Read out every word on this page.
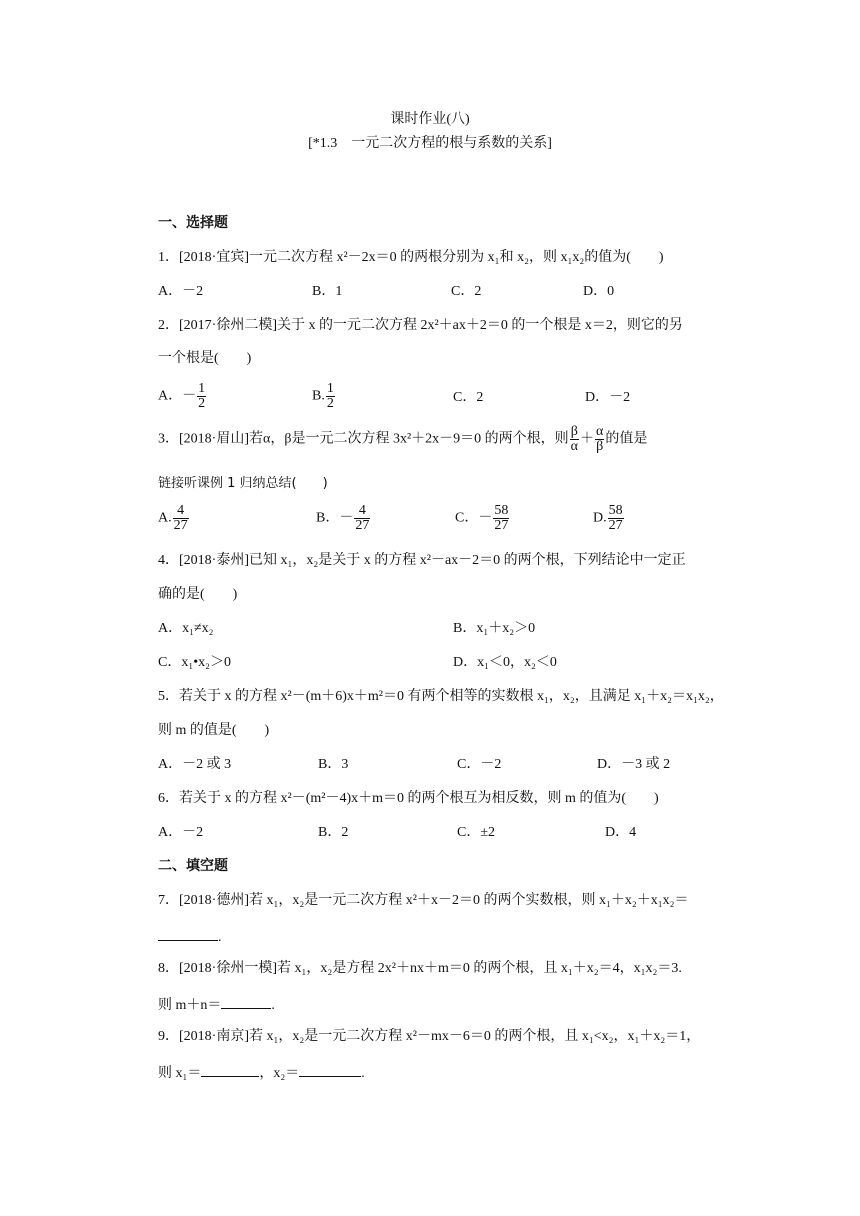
课时作业(八)
[*1.3　一元二次方程的根与系数的关系]
一、选择题
1．[2018·宜宾]一元二次方程 x²－2x＝0 的两根分别为 x₁和 x₂，则 x₁x₂的值为(　　)
A．－2	B．1	C．2	D．0
2．[2017·徐州二模]关于 x 的一元二次方程 2x²＋ax＋2＝0 的一个根是 x＝2，则它的另
一个根是(　　)
A．－ $\frac{1}{2}$	B. $\frac{1}{2}$	C．2	D．－2
3．[2018·眉山]若α，β是一元二次方程 3x²＋2x－9＝0 的两个根，则 $\frac{\beta}{\alpha} + \frac{\alpha}{\beta}$ 的值是
链接听课例 1 归纳总结(　　)
A. $\frac{4}{27}$	B．－ $\frac{4}{27}$	C．－ $\frac{58}{27}$	D. $\frac{58}{27}$
4．[2018·泰州]已知 x₁，x₂是关于 x 的方程 x²－ax－2＝0 的两个根，下列结论中一定正
确的是(　　)
A．x₁≠x₂	B．x₁＋x₂＞0
C．x₁•x₂＞0	D．x₁＜0，x₂＜0
5．若关于 x 的方程 x²－(m＋6)x＋m²＝0 有两个相等的实数根 x₁，x₂，且满足 x₁＋x₂＝x₁x₂，
则 m 的值是(　　)
A．－2 或 3	B．3	C．－2	D．－3 或 2
6．若关于 x 的方程 x²－(m²－4)x＋m＝0 的两个根互为相反数，则 m 的值为(　　)
A．－2	B．2	C．±2	D．4
二、填空题
7．[2018·德州]若 x₁，x₂是一元二次方程 x²＋x－2＝0 的两个实数根，则 x₁＋x₂＋x₁x₂＝
.
8．[2018·徐州一模]若 x₁，x₂是方程 2x²＋nx＋m＝0 的两个根，且 x₁＋x₂＝4，x₁x₂＝3.
则 m＋n＝	.
9．[2018·南京]若 x₁，x₂是一元二次方程 x²－mx－6＝0 的两个根，且 x₁<x₂，x₁＋x₂＝1，
则 x₁＝	，x₂＝	.
